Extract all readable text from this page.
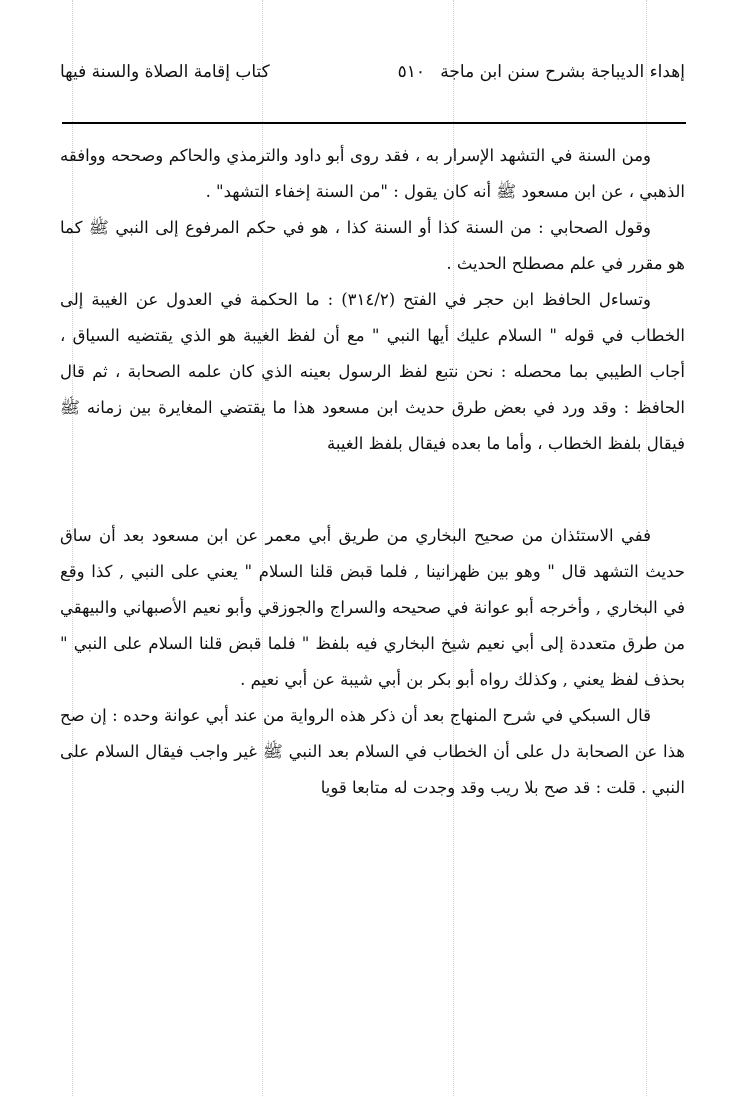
إهداء الديباجة بشرح سنن ابن ماجة
٥١٠
كتاب إقامة الصلاة والسنة فيها

ومن السنة في التشهد الإسرار به ، فقد روى أبو داود والترمذي والحاكم وصححه ووافقه الذهبي ، عن ابن مسعود ﷺ أنه كان يقول : "من السنة إخفاء التشهد" .

وقول الصحابي : من السنة كذا أو السنة كذا ، هو في حكم المرفوع إلى النبي ﷺ كما هو مقرر في علم مصطلح الحديث .

وتساءل الحافظ ابن حجر في الفتح (٣١٤/٢) : ما الحكمة في العدول عن الغيبة إلى الخطاب في قوله " السلام عليك أيها النبي " مع أن لفظ الغيبة هو الذي يقتضيه السياق ، أجاب الطيبي بما محصله : نحن نتبع لفظ الرسول بعينه الذي كان علمه الصحابة ، ثم قال الحافظ : وقد ورد في بعض طرق حديث ابن مسعود هذا ما يقتضي المغايرة بين زمانه ﷺ فيقال بلفظ الخطاب ، وأما ما بعده فيقال بلفظ الغيبة

ففي الاستئذان من صحيح البخاري من طريق أبي معمر عن ابن مسعود بعد أن ساق حديث التشهد قال " وهو بين ظهرانينا , فلما قبض قلنا السلام " يعني على النبي , كذا وقع في البخاري , وأخرجه أبو عوانة في صحيحه والسراج والجوزقي وأبو نعيم الأصبهاني والبيهقي من طرق متعددة إلى أبي نعيم شيخ البخاري فيه بلفظ " فلما قبض قلنا السلام على النبي " بحذف لفظ يعني , وكذلك رواه أبو بكر بن أبي شيبة عن أبي نعيم .

قال السبكي في شرح المنهاج بعد أن ذكر هذه الرواية من عند أبي عوانة وحده : إن صح هذا عن الصحابة دل على أن الخطاب في السلام بعد النبي ﷺ غير واجب فيقال السلام على النبي . قلت : قد صح بلا ريب وقد وجدت له متابعا قويا
